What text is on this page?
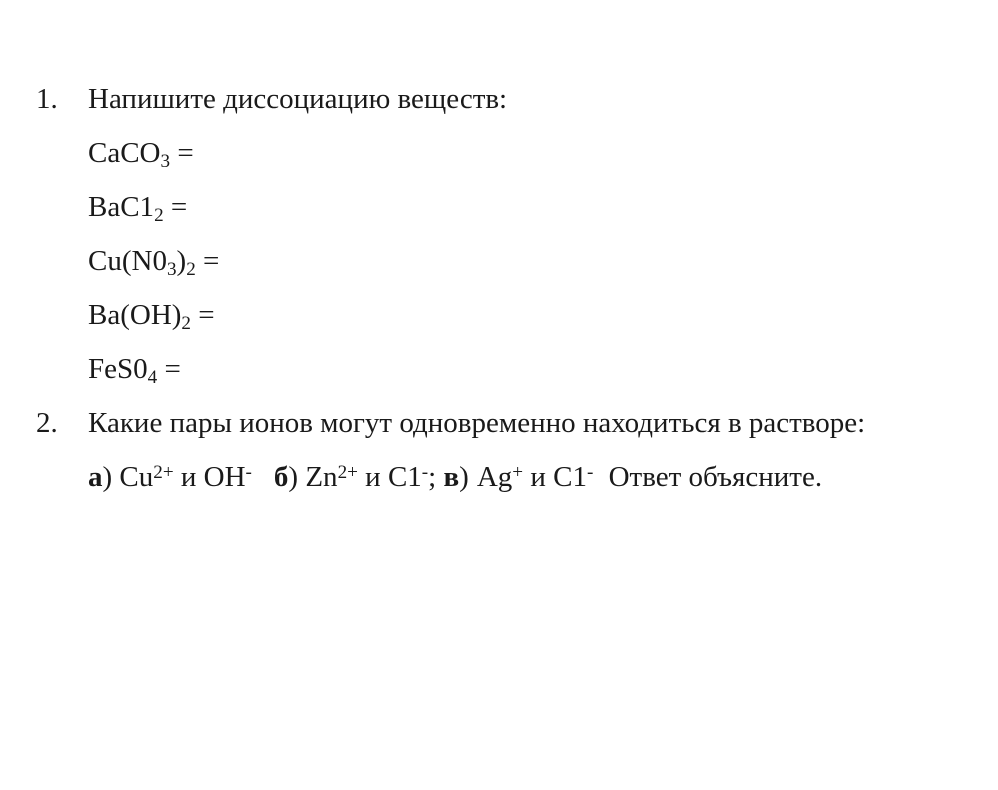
1. Напишите диссоциацию веществ:
CaCO$_3$ =
$BaC1_2$ =
$Cu(N0_3)_2$ =
$Ba(OH)_2$ =
$FeS0_4$ =
2. Какие пары ионов могут одновременно находиться в растворе:
а) $Cu^{2+}$ и OH- б) $Zn^{2+}$ и C1-; в) Ag+ и C1- Ответ объясните.
